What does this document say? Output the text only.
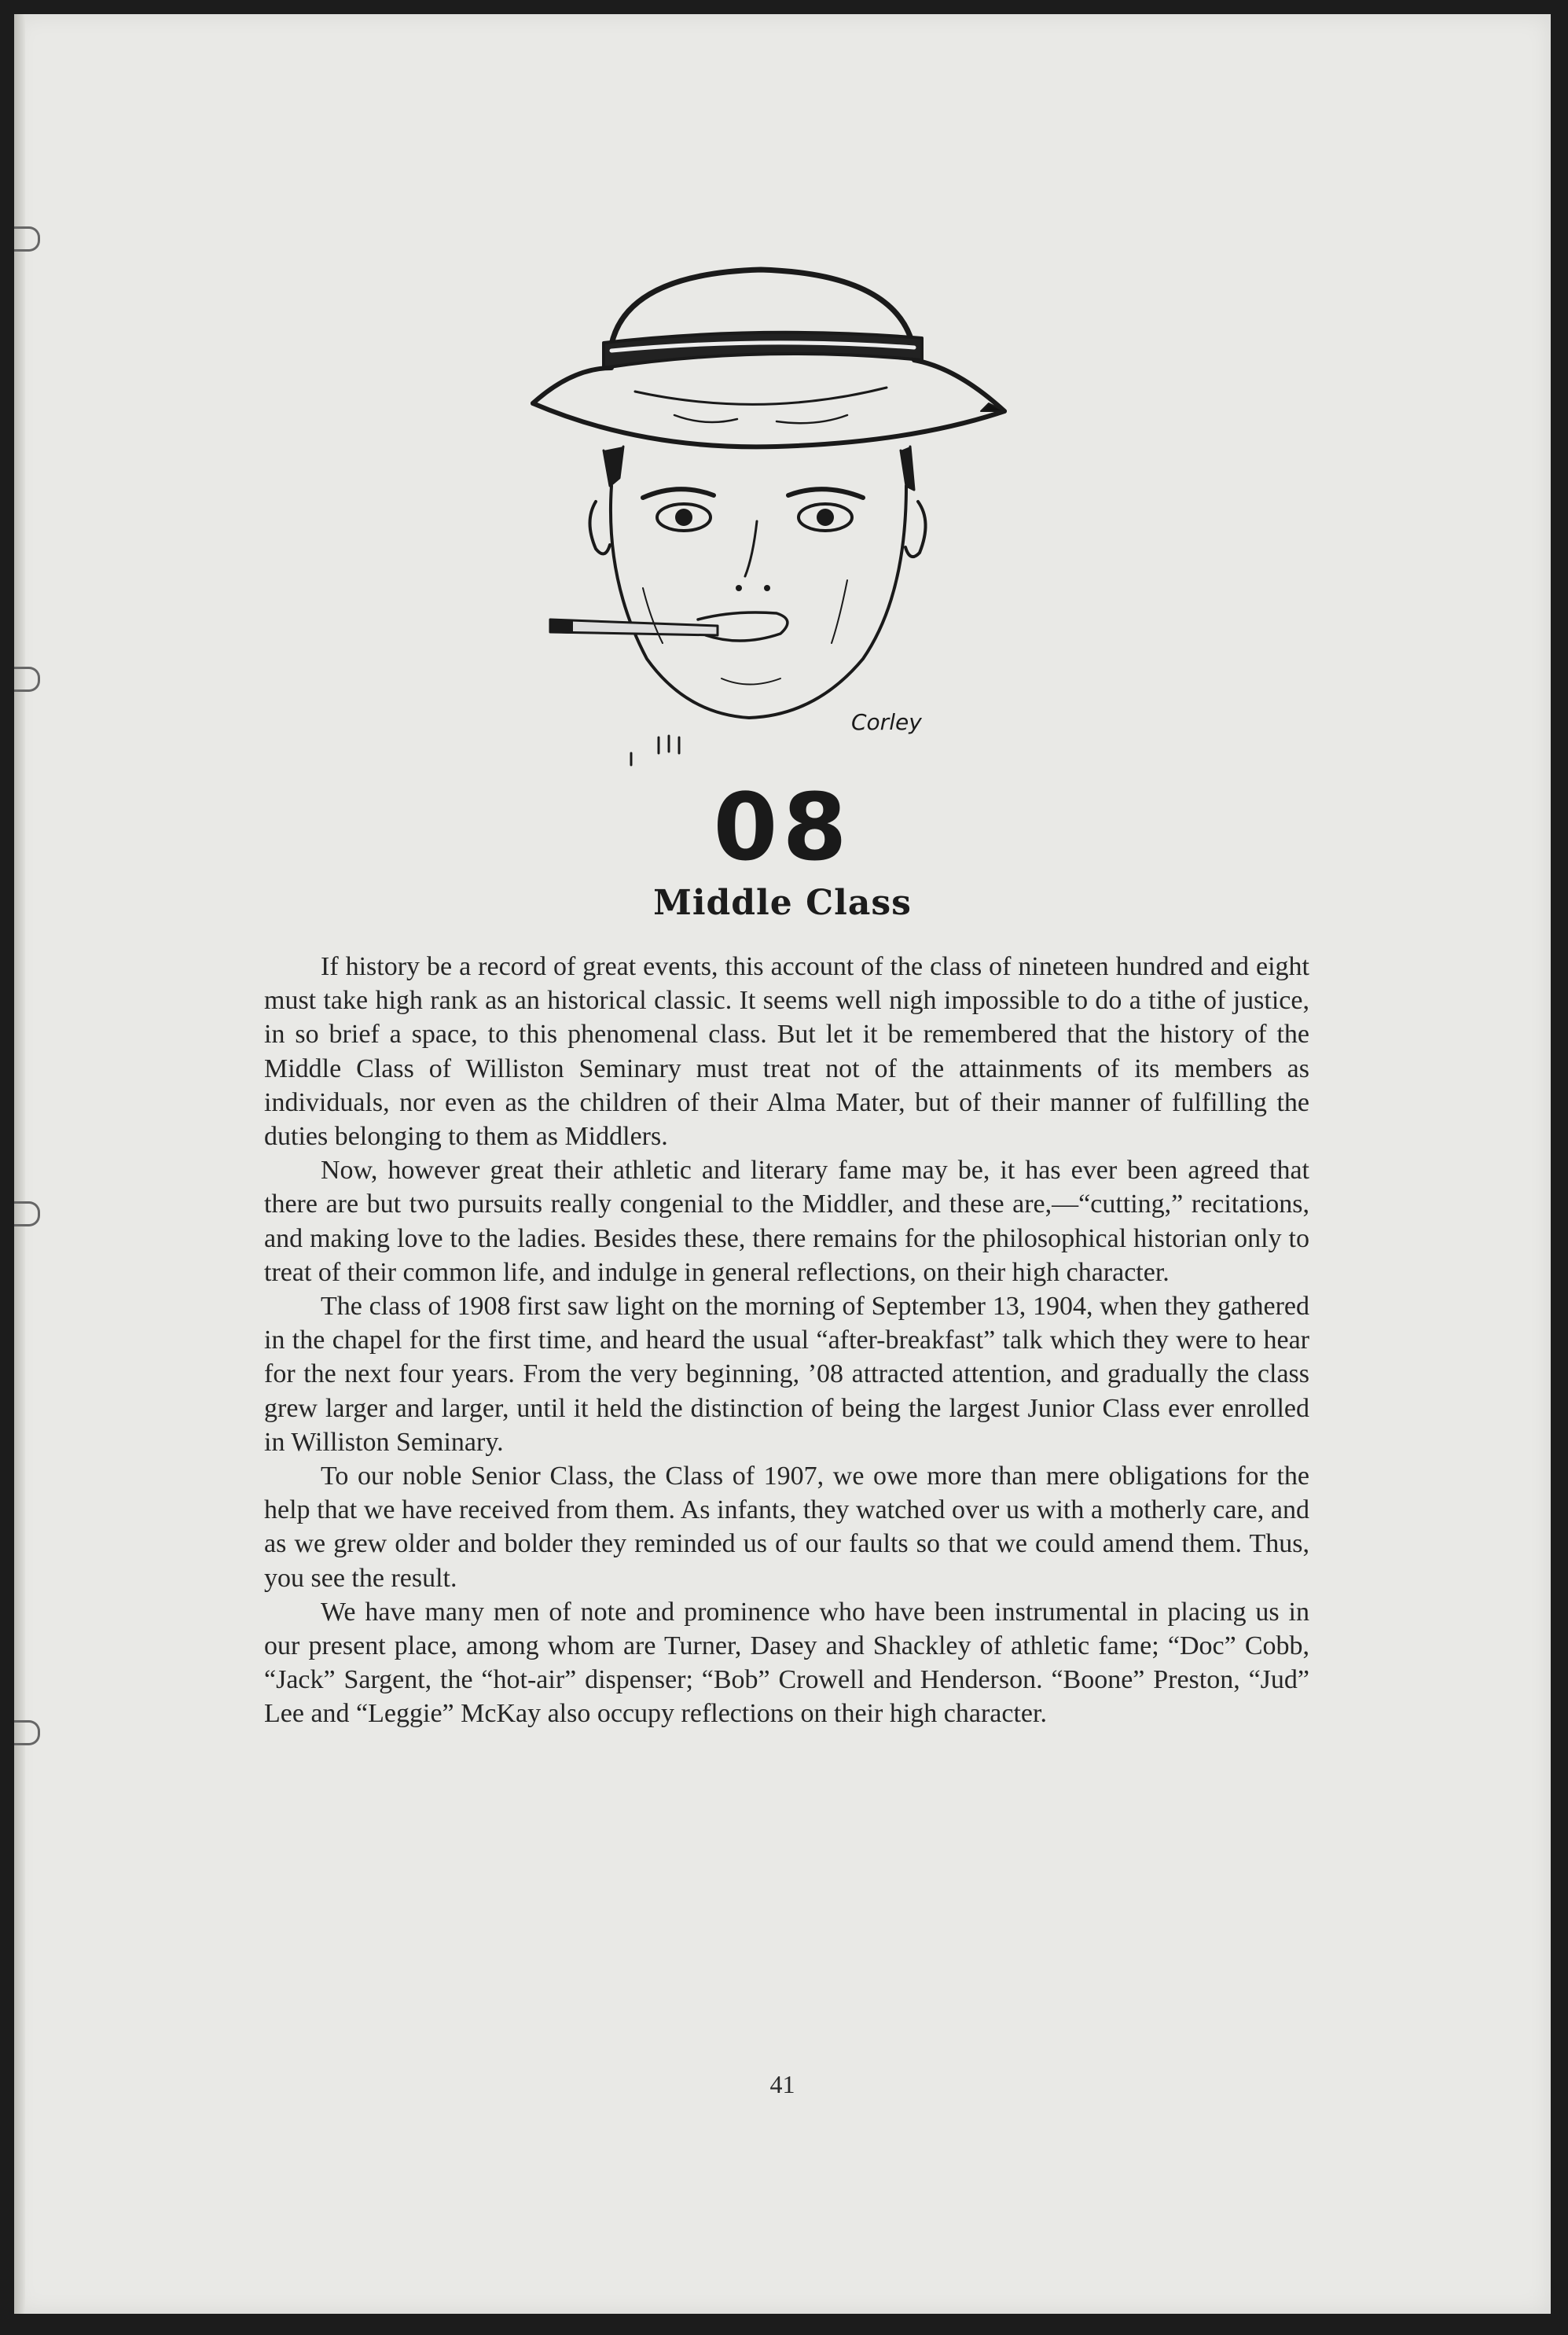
Corley
08
Middle Class

If history be a record of great events, this account of the class of nineteen hundred and eight must take high rank as an historical classic. It seems well nigh impossible to do a tithe of justice, in so brief a space, to this phenomenal class. But let it be remembered that the history of the Middle Class of Williston Seminary must treat not of the attainments of its members as individuals, nor even as the children of their Alma Mater, but of their manner of fulfilling the duties belonging to them as Middlers.

Now, however great their athletic and literary fame may be, it has ever been agreed that there are but two pursuits really congenial to the Middler, and these are,—“cutting,” recitations, and making love to the ladies. Besides these, there remains for the philosophical historian only to treat of their common life, and indulge in general reflections, on their high character.

The class of 1908 first saw light on the morning of September 13, 1904, when they gathered in the chapel for the first time, and heard the usual “after-breakfast” talk which they were to hear for the next four years. From the very beginning, ’08 attracted attention, and gradually the class grew larger and larger, until it held the distinction of being the largest Junior Class ever enrolled in Williston Seminary.

To our noble Senior Class, the Class of 1907, we owe more than mere obligations for the help that we have received from them. As infants, they watched over us with a motherly care, and as we grew older and bolder they reminded us of our faults so that we could amend them. Thus, you see the result.

We have many men of note and prominence who have been instrumental in placing us in our present place, among whom are Turner, Dasey and Shackley of athletic fame; “Doc” Cobb, “Jack” Sargent, the “hot-air” dispenser; “Bob” Crowell and Henderson. “Boone” Preston, “Jud” Lee and “Leggie” McKay also occupy reflections on their high character.

41
